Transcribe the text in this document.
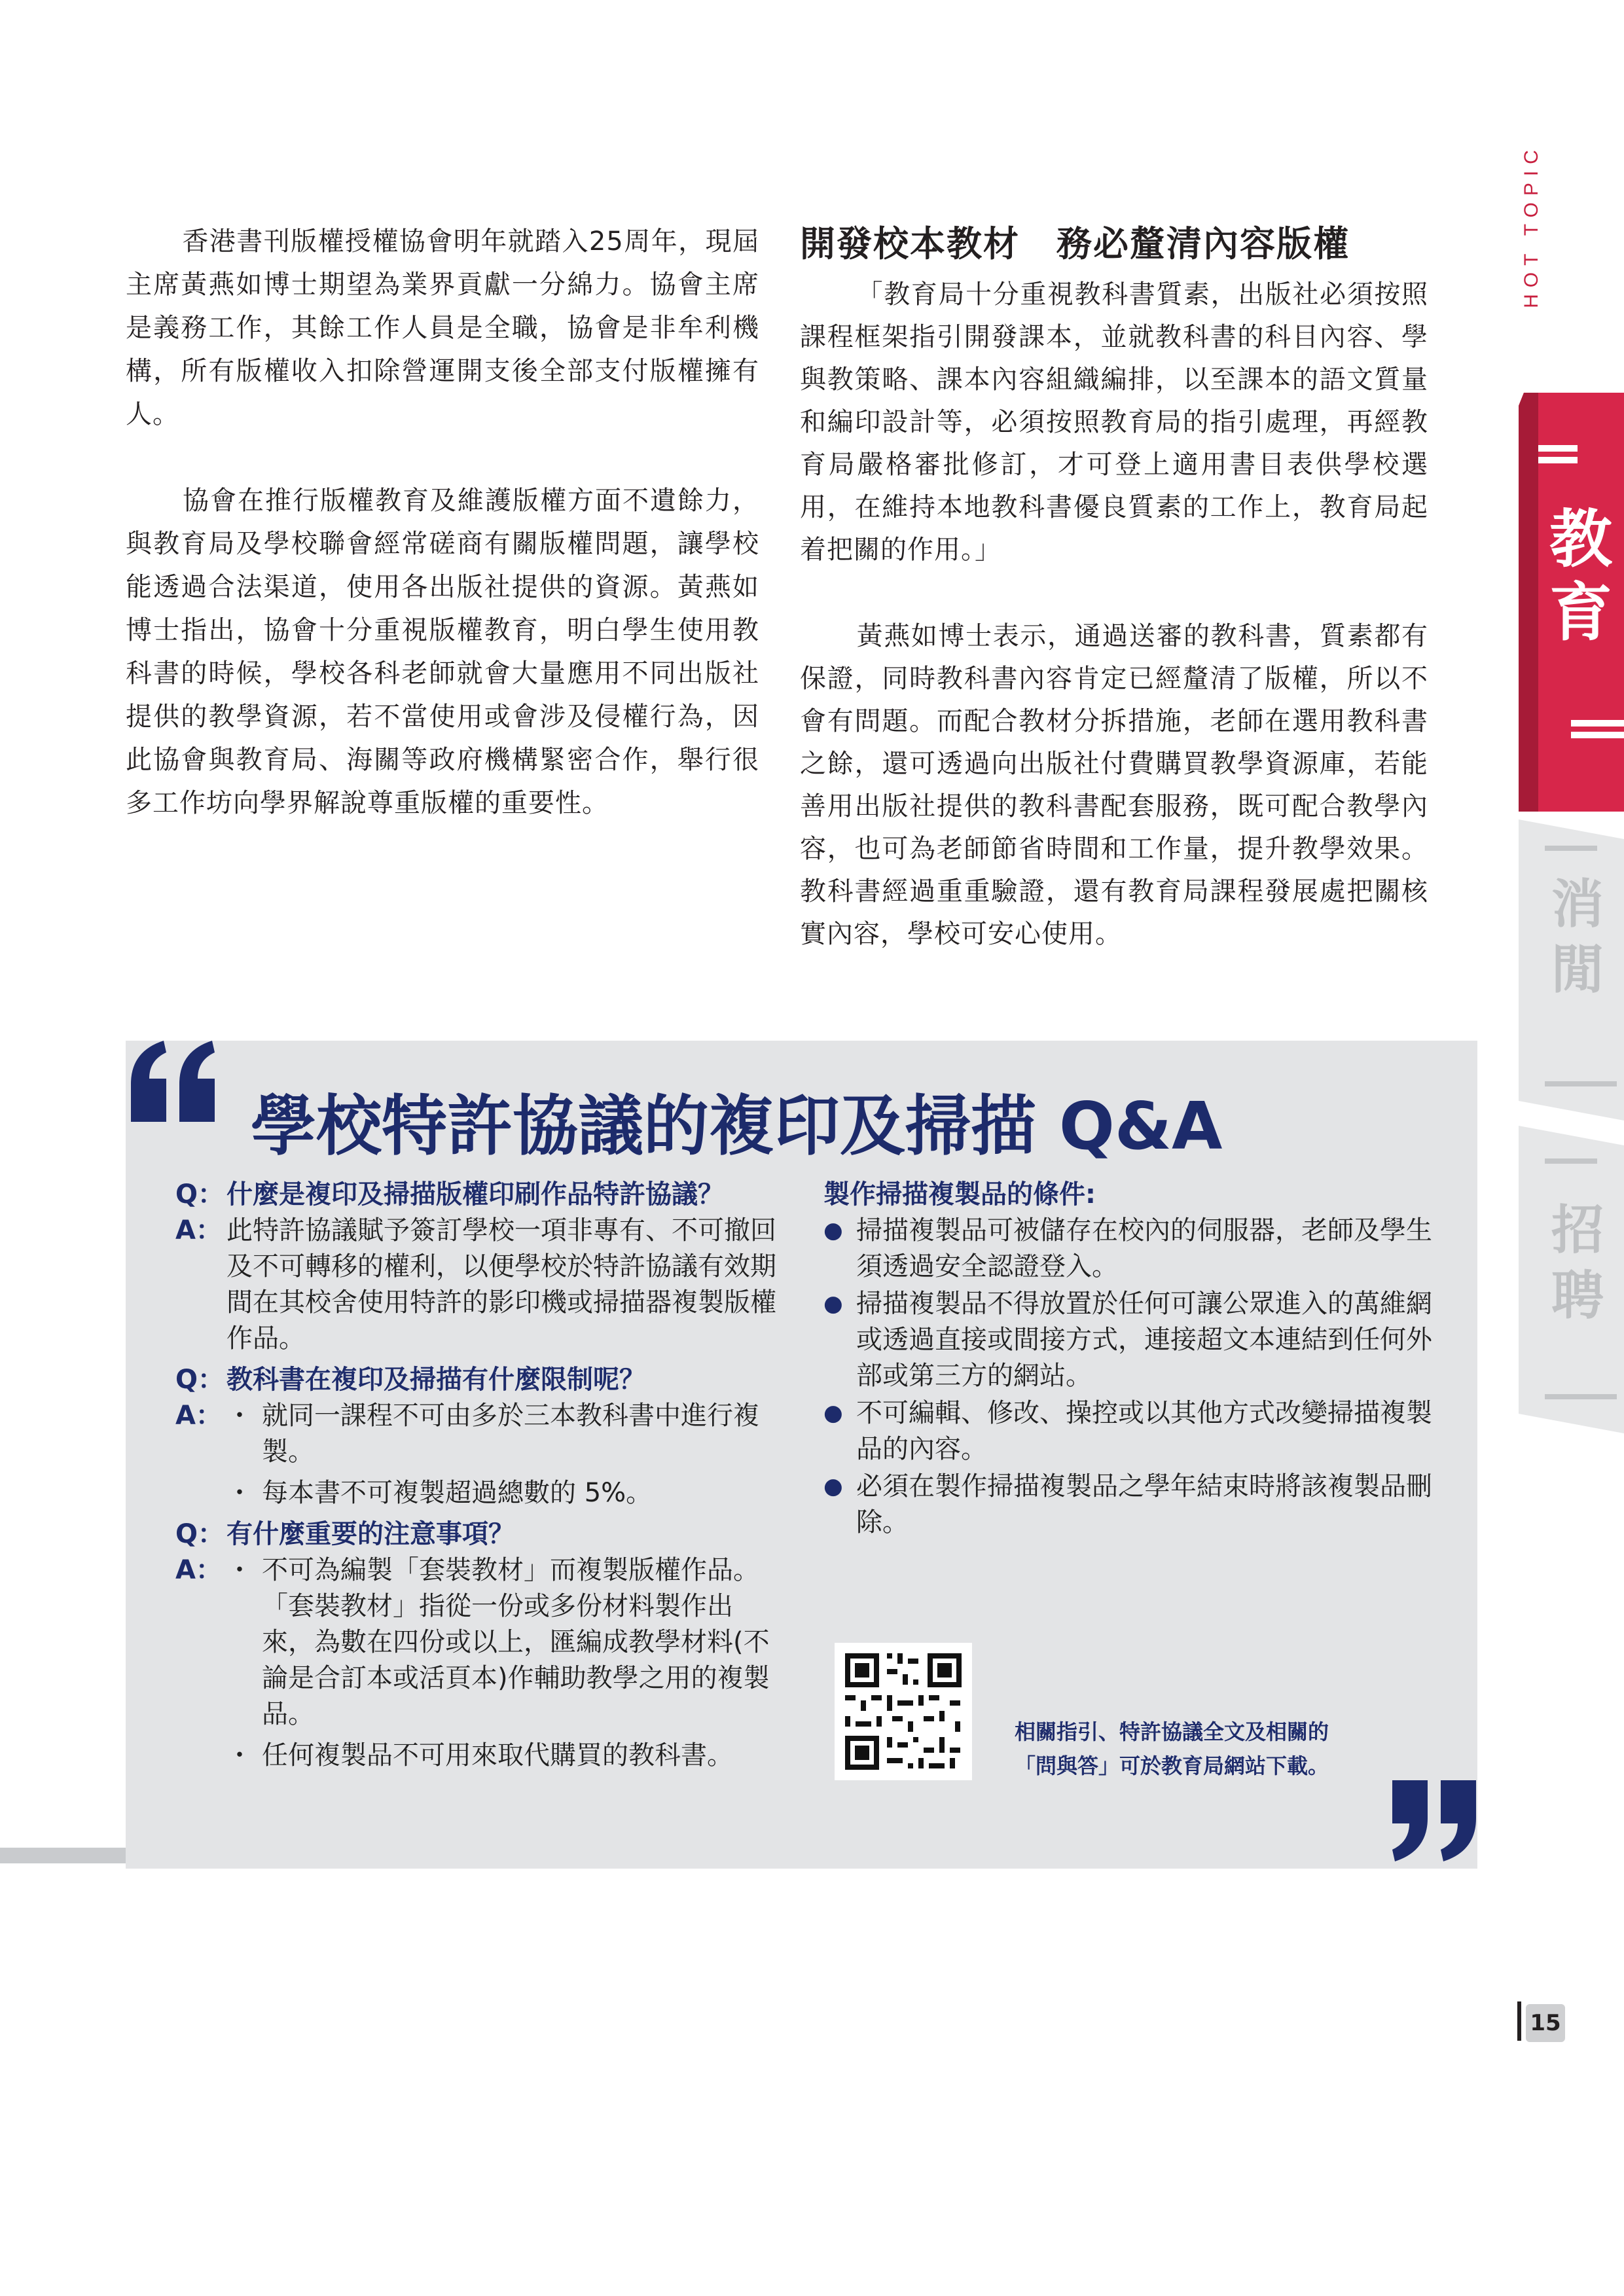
香港書刊版權授權協會明年就踏入25周年，現屆主席黃燕如博士期望為業界貢獻一分綿力。協會主席是義務工作，其餘工作人員是全職，協會是非牟利機構，所有版權收入扣除營運開支後全部支付版權擁有人。

協會在推行版權教育及維護版權方面不遺餘力，與教育局及學校聯會經常磋商有關版權問題，讓學校能透過合法渠道，使用各出版社提供的資源。黃燕如博士指出，協會十分重視版權教育，明白學生使用教科書的時候，學校各科老師就會大量應用不同出版社提供的教學資源，若不當使用或會涉及侵權行為，因此協會與教育局、海關等政府機構緊密合作，舉行很多工作坊向學界解說尊重版權的重要性。

開發校本教材　務必釐清內容版權

「教育局十分重視教科書質素，出版社必須按照課程框架指引開發課本，並就教科書的科目內容、學與教策略、課本內容組織編排，以至課本的語文質量和編印設計等，必須按照教育局的指引處理，再經教育局嚴格審批修訂，才可登上適用書目表供學校選用，在維持本地教科書優良質素的工作上，教育局起着把關的作用。」

黃燕如博士表示，通過送審的教科書，質素都有保證，同時教科書內容肯定已經釐清了版權，所以不會有問題。而配合教材分拆措施，老師在選用教科書之餘，還可透過向出版社付費購買教學資源庫，若能善用出版社提供的教科書配套服務，既可配合教學內容，也可為老師節省時間和工作量，提升教學效果。教科書經過重重驗證，還有教育局課程發展處把關核實內容，學校可安心使用。

HOT TOPIC
教育
消閒
招聘
學校特許協議的複印及掃描 Q&A
Q： 什麼是複印及掃描版權印刷作品特許協議？
A： 此特許協議賦予簽訂學校一項非專有、不可撤回及不可轉移的權利，以便學校於特許協議有效期間在其校舍使用特許的影印機或掃描器複製版權作品。
Q： 教科書在複印及掃描有什麼限制呢？
A： ・ 就同一課程不可由多於三本教科書中進行複製。
・ 每本書不可複製超過總數的 5%。
Q： 有什麼重要的注意事項？
A： ・ 不可為編製「套裝教材」而複製版權作品。「套裝教材」指從一份或多份材料製作出來，為數在四份或以上，匯編成教學材料(不論是合訂本或活頁本)作輔助教學之用的複製品。
・ 任何複製品不可用來取代購買的教科書。
製作掃描複製品的條件:
● 掃描複製品可被儲存在校內的伺服器，老師及學生須透過安全認證登入。
● 掃描複製品不得放置於任何可讓公眾進入的萬維網或透過直接或間接方式，連接超文本連結到任何外部或第三方的網站。
● 不可編輯、修改、操控或以其他方式改變掃描複製品的內容。
● 必須在製作掃描複製品之學年結束時將該複製品刪除。
相關指引、特許協議全文及相關的
「問與答」可於教育局網站下載。
15
